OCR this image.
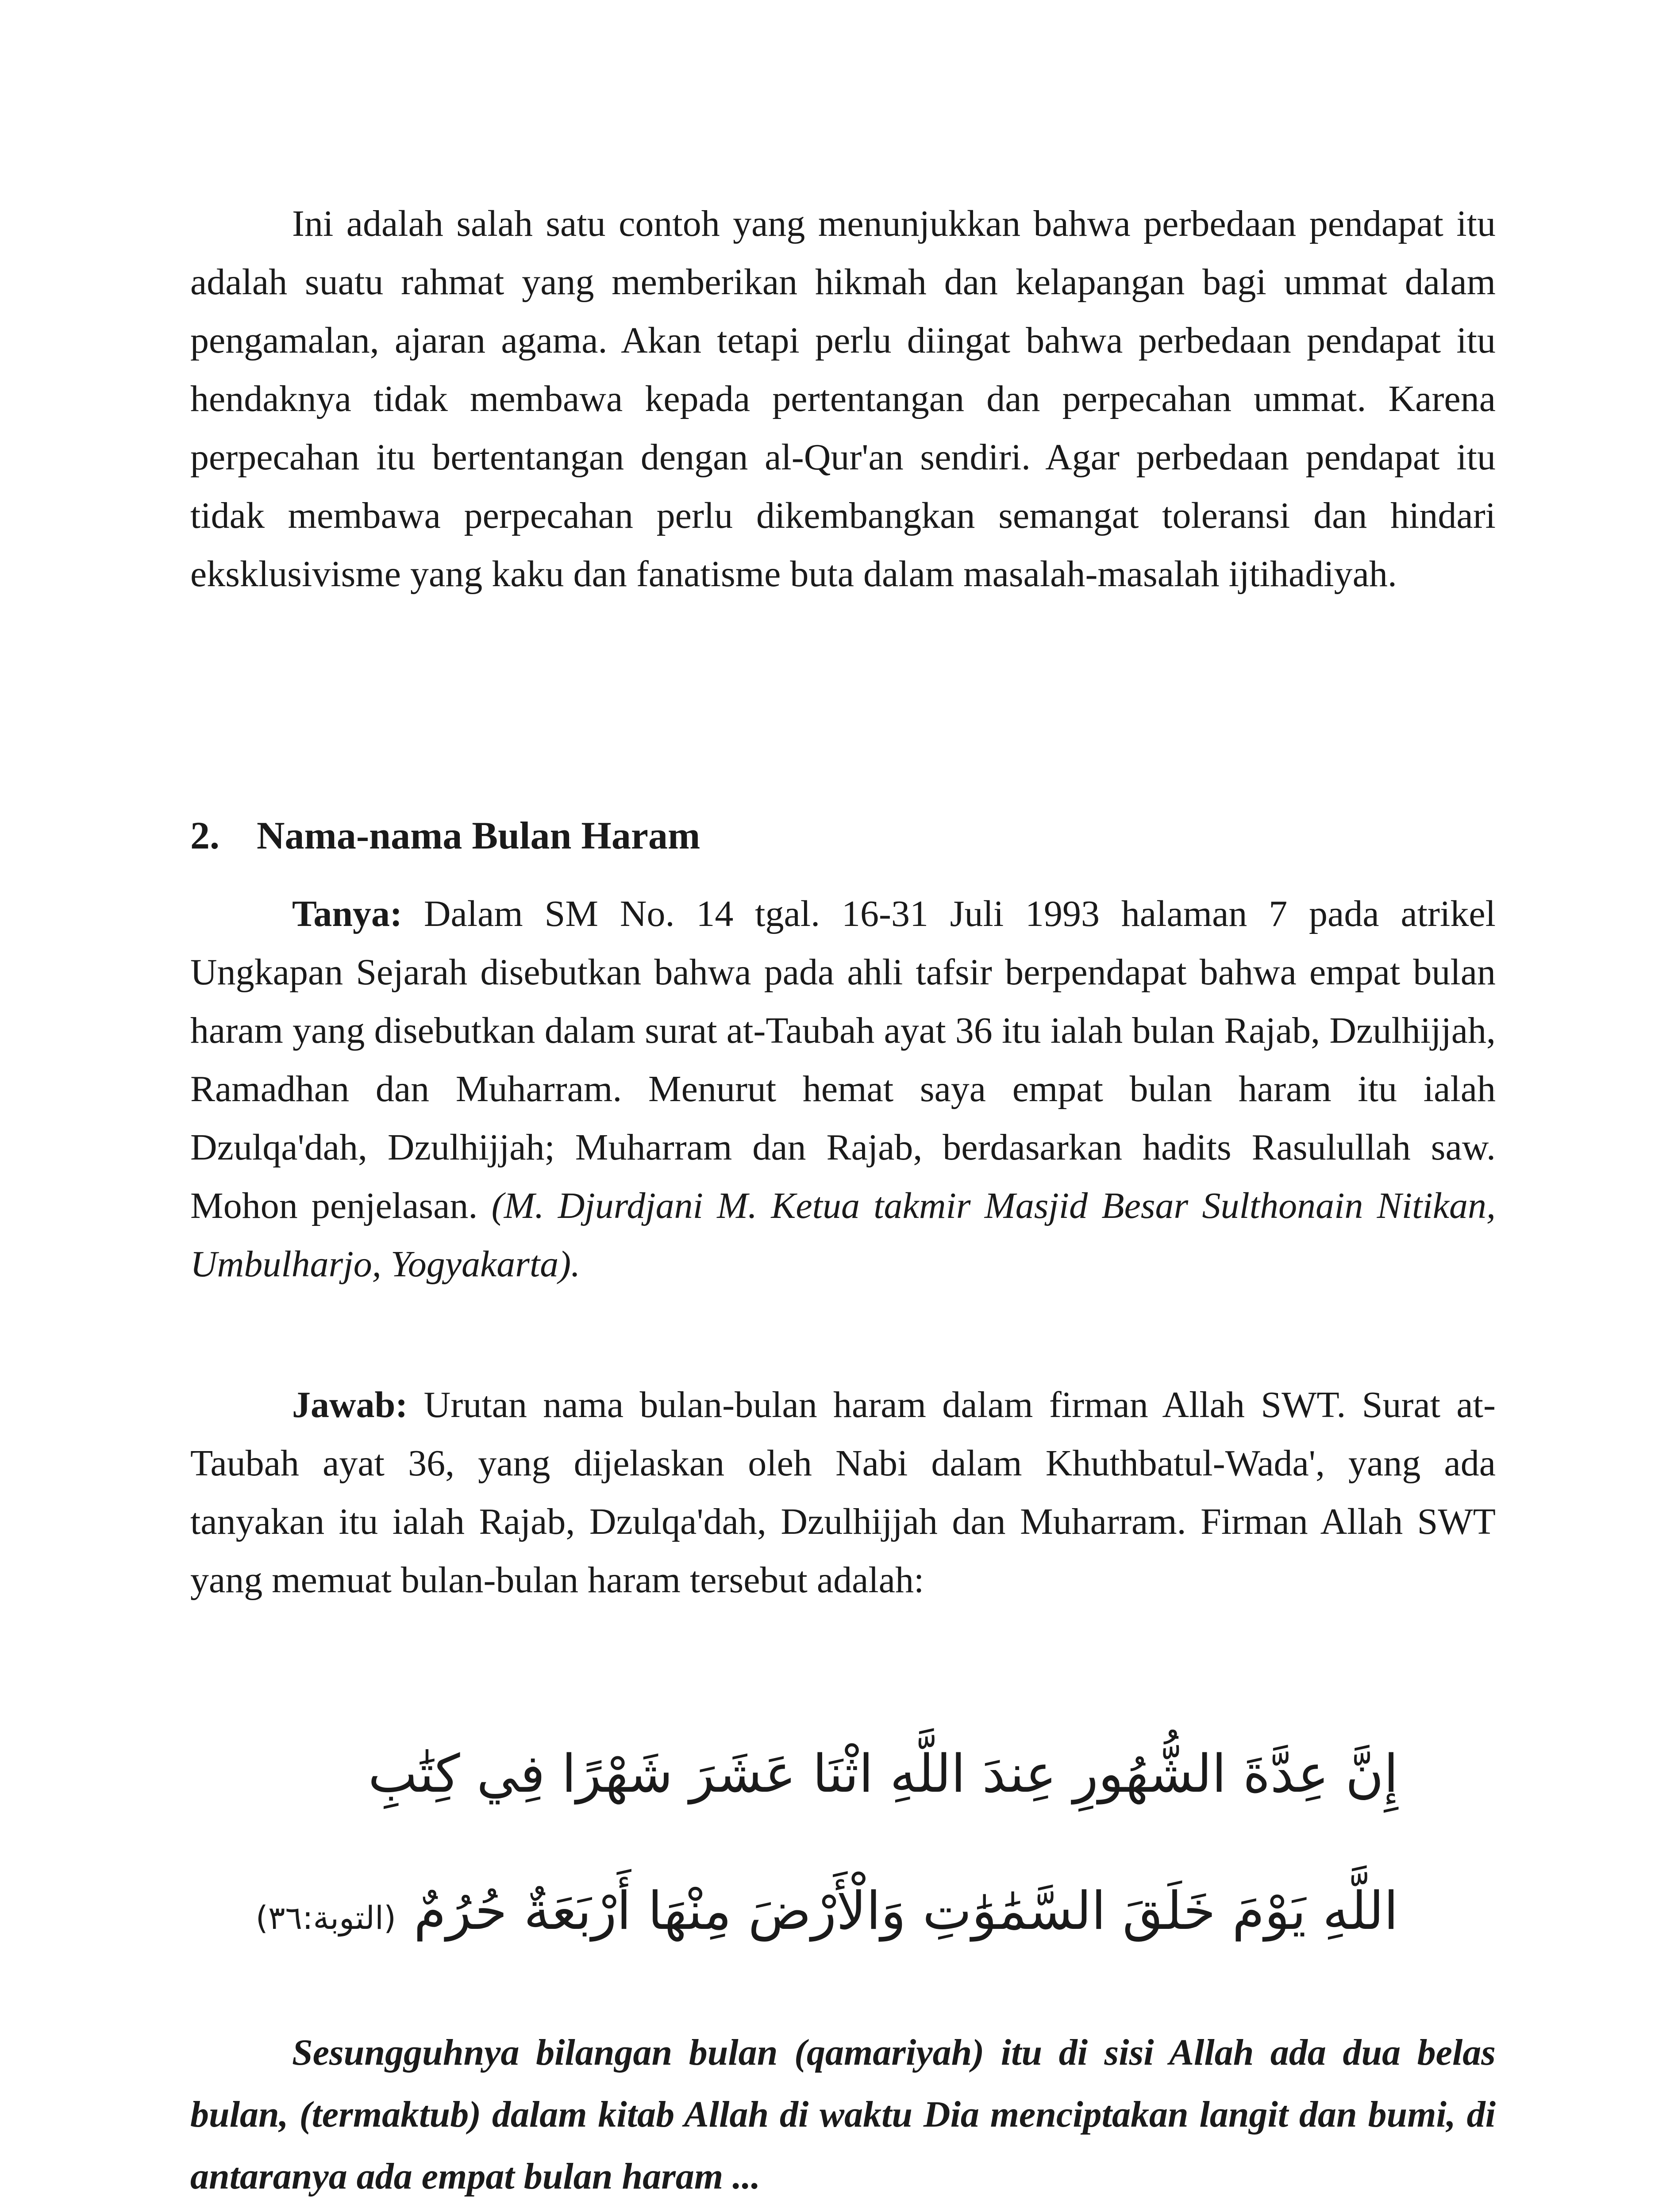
Ini adalah salah satu contoh yang menunjukkan bahwa perbedaan pendapat itu adalah suatu rahmat yang memberikan hikmah dan kelapangan bagi ummat dalam pengamalan, ajaran agama. Akan tetapi perlu diingat bahwa perbedaan pendapat itu hendaknya tidak membawa kepada pertentangan dan perpecahan ummat. Karena perpecahan itu bertentangan dengan al-Qur'an sendiri. Agar perbedaan pendapat itu tidak membawa perpecahan perlu dikembangkan semangat toleransi dan hindari eksklusivisme yang kaku dan fanatisme buta dalam masalah-masalah ijtihadiyah.

2. Nama-nama Bulan Haram

Tanya: Dalam SM No. 14 tgal. 16-31 Juli 1993 halaman 7 pada atrikel Ungkapan Sejarah disebutkan bahwa pada ahli tafsir berpendapat bahwa empat bulan haram yang disebutkan dalam surat at-Taubah ayat 36 itu ialah bulan Rajab, Dzulhijjah, Ramadhan dan Muharram. Menurut hemat saya empat bulan haram itu ialah Dzulqa'dah, Dzulhijjah; Muharram dan Rajab, berdasarkan hadits Rasulullah saw. Mohon penjelasan. (M. Djurdjani M. Ketua takmir Masjid Besar Sulthonain Nitikan, Umbulharjo, Yogyakarta).

Jawab: Urutan nama bulan-bulan haram dalam firman Allah SWT. Surat at-Taubah ayat 36, yang dijelaskan oleh Nabi dalam Khuthbatul-Wada', yang ada tanyakan itu ialah Rajab, Dzulqa'dah, Dzulhijjah dan Muharram. Firman Allah SWT yang memuat bulan-bulan haram tersebut adalah:

إِنَّ عِدَّةَ الشُّهُورِ عِندَ اللَّهِ اثْنَا عَشَرَ شَهْرًا فِي كِتَٰبِ
اللَّهِ يَوْمَ خَلَقَ السَّمَٰوَٰتِ وَالْأَرْضَ مِنْهَا أَرْبَعَةٌ حُرُمٌ(التوبة:٣٦)
Sesungguhnya bilangan bulan (qamariyah) itu di sisi Allah ada dua belas bulan, (termaktub) dalam kitab Allah di waktu Dia menciptakan langit dan bumi, di antaranya ada empat bulan haram ...
